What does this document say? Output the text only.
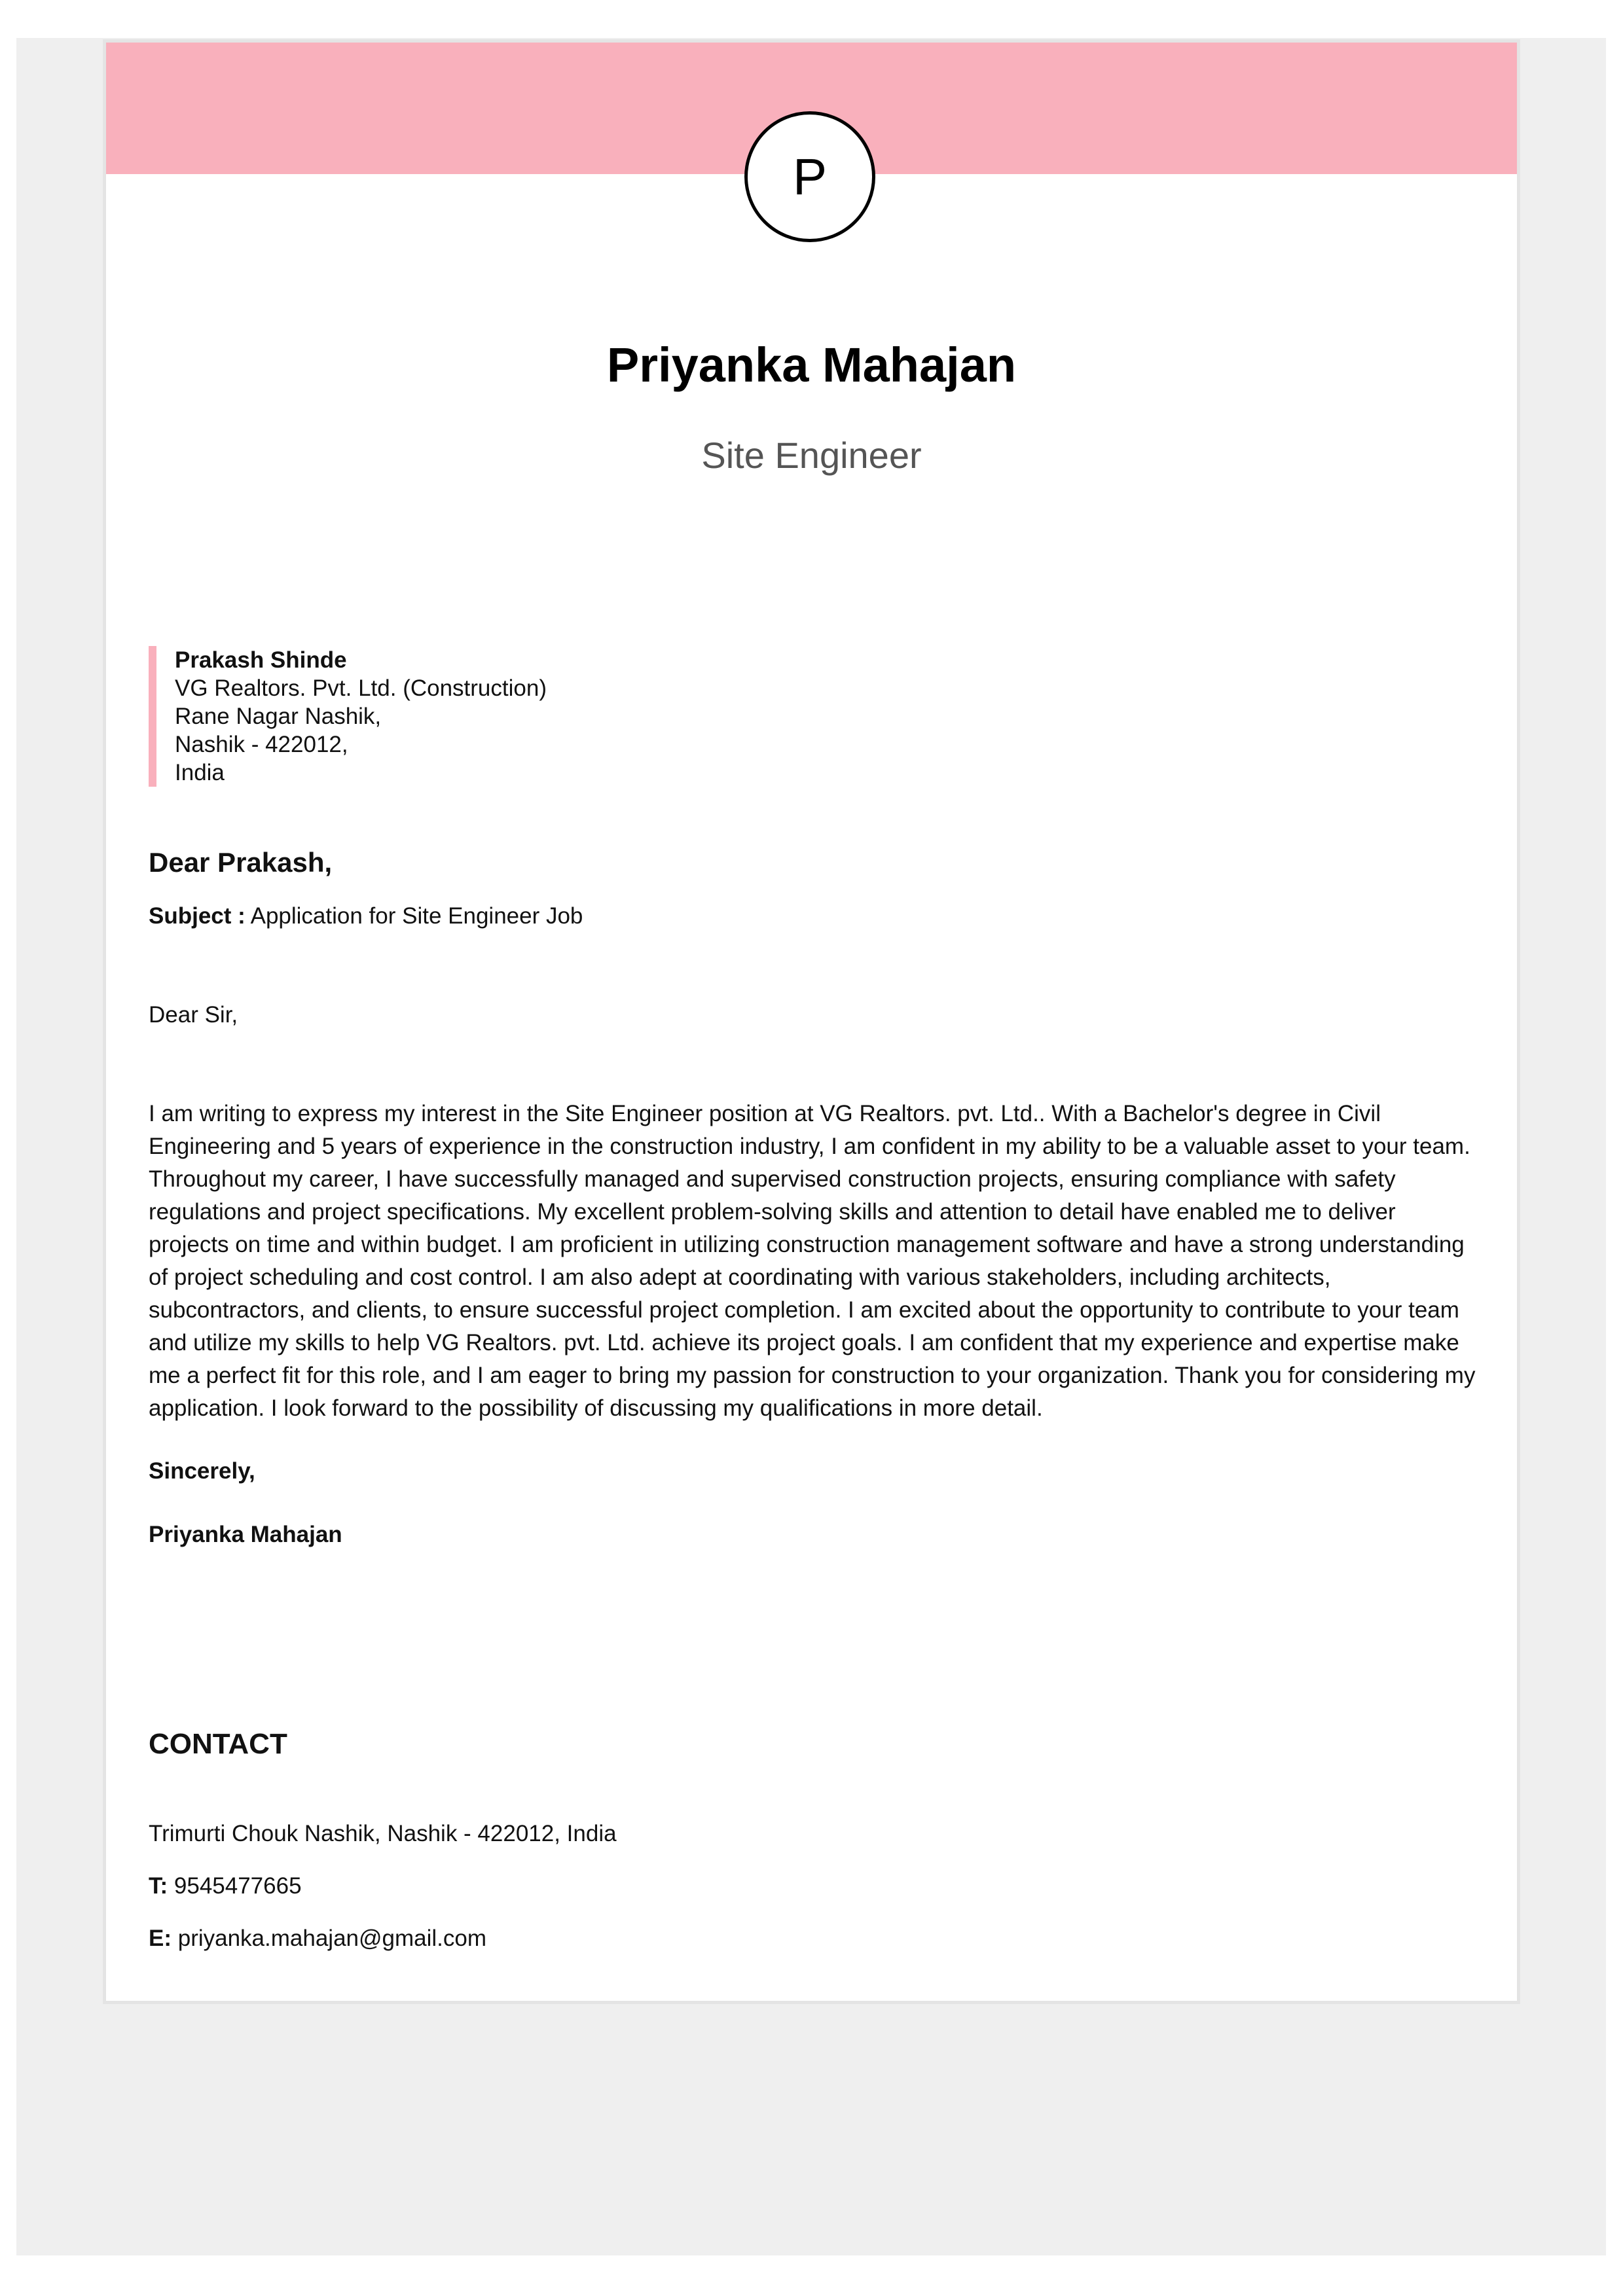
P
Priyanka Mahajan
Site Engineer
Prakash Shinde
VG Realtors. Pvt. Ltd. (Construction)
Rane Nagar Nashik,
Nashik - 422012,
India
Dear Prakash,
Subject : Application for Site Engineer Job
Dear Sir,
I am writing to express my interest in the Site Engineer position at VG Realtors. pvt. Ltd.. With a Bachelor's degree in Civil Engineering and 5 years of experience in the construction industry, I am confident in my ability to be a valuable asset to your team. Throughout my career, I have successfully managed and supervised construction projects, ensuring compliance with safety regulations and project specifications. My excellent problem-solving skills and attention to detail have enabled me to deliver projects on time and within budget. I am proficient in utilizing construction management software and have a strong understanding of project scheduling and cost control. I am also adept at coordinating with various stakeholders, including architects, subcontractors, and clients, to ensure successful project completion. I am excited about the opportunity to contribute to your team and utilize my skills to help VG Realtors. pvt. Ltd. achieve its project goals. I am confident that my experience and expertise make me a perfect fit for this role, and I am eager to bring my passion for construction to your organization. Thank you for considering my application. I look forward to the possibility of discussing my qualifications in more detail.
Sincerely,
Priyanka Mahajan
CONTACT
Trimurti Chouk Nashik, Nashik - 422012, India
T: 9545477665
E: priyanka.mahajan@gmail.com
